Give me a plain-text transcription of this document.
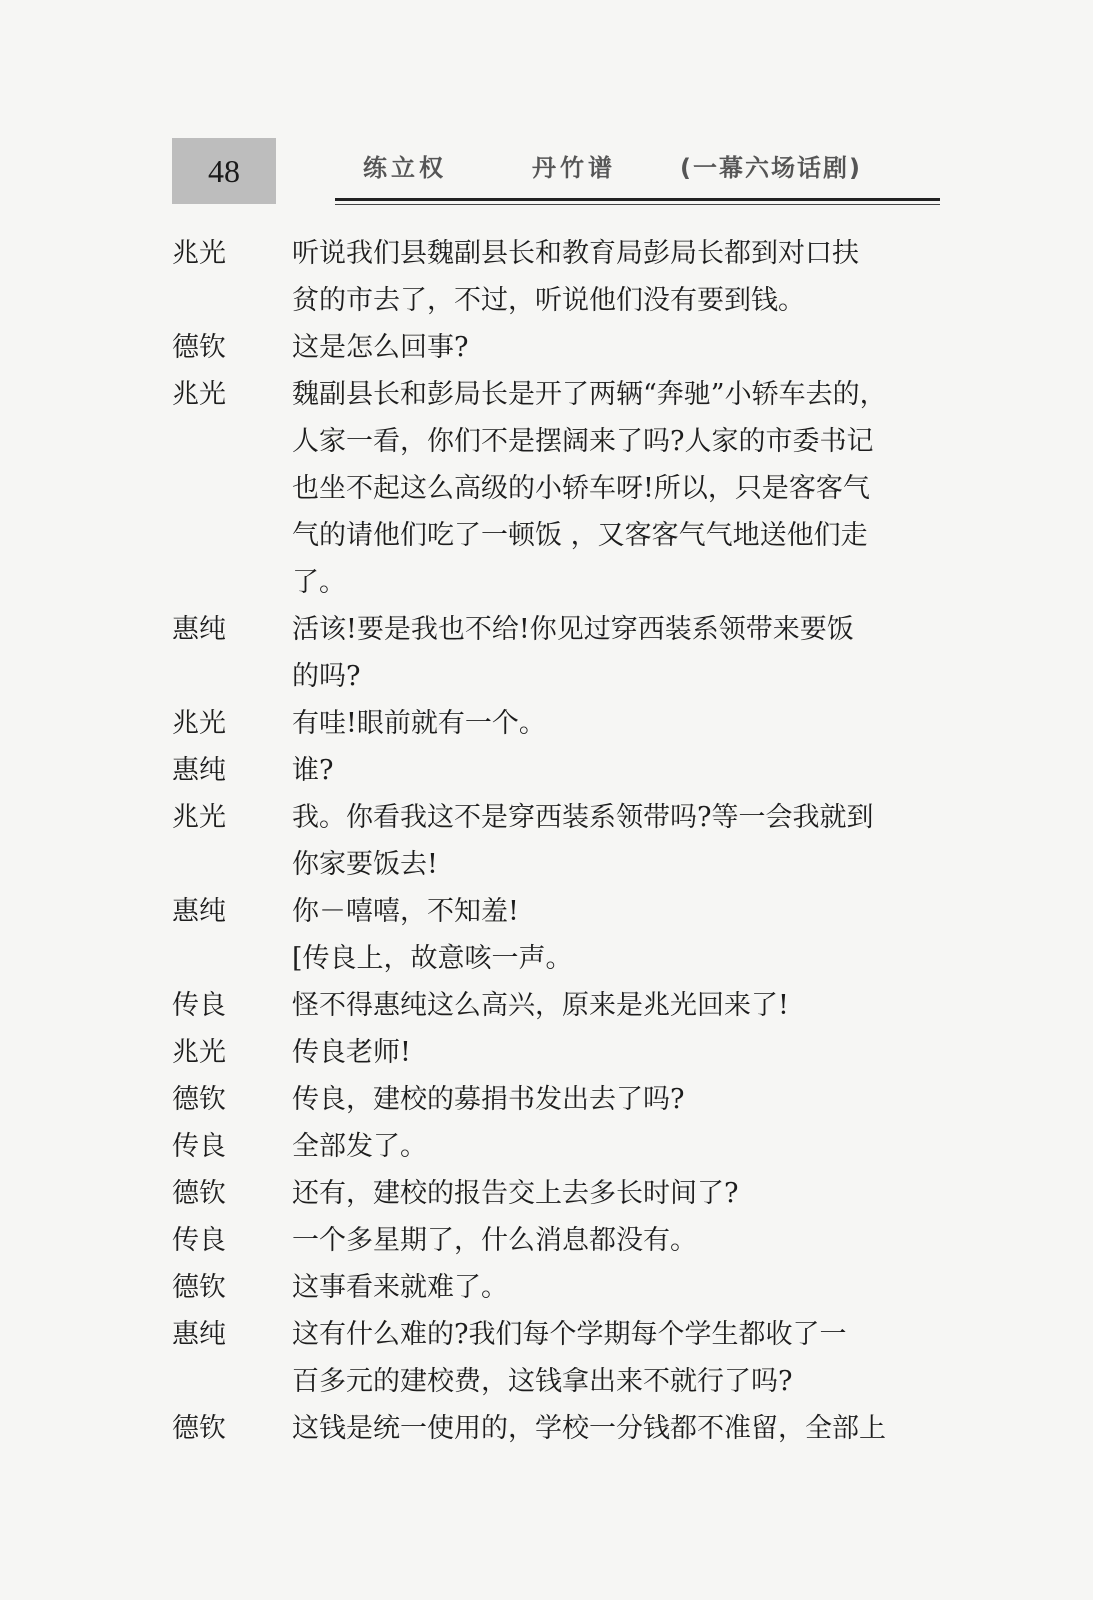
48	练立权	丹竹谱	(一幕六场话剧)
兆光	听说我们县魏副县长和教育局彭局长都到对口扶
贫的市去了，不过，听说他们没有要到钱。
德钦	这是怎么回事?
兆光	魏副县长和彭局长是开了两辆“奔驰”小轿车去的，
人家一看，你们不是摆阔来了吗?人家的市委书记
也坐不起这么高级的小轿车呀!所以，只是客客气
气的请他们吃了一顿饭 ，又客客气气地送他们走
了。
惠纯	活该!要是我也不给!你见过穿西装系领带来要饭
的吗?
兆光	有哇!眼前就有一个。
惠纯	谁?
兆光	我。你看我这不是穿西装系领带吗?等一会我就到
你家要饭去!
惠纯	你－嘻嘻，不知羞!
[传良上，故意咳一声。
传良	怪不得惠纯这么高兴，原来是兆光回来了!
兆光	传良老师!
德钦	传良，建校的募捐书发出去了吗?
传良	全部发了。
德钦	还有，建校的报告交上去多长时间了?
传良	一个多星期了，什么消息都没有。
德钦	这事看来就难了。
惠纯	这有什么难的?我们每个学期每个学生都收了一
百多元的建校费，这钱拿出来不就行了吗?
德钦	这钱是统一使用的，学校一分钱都不准留，全部上
